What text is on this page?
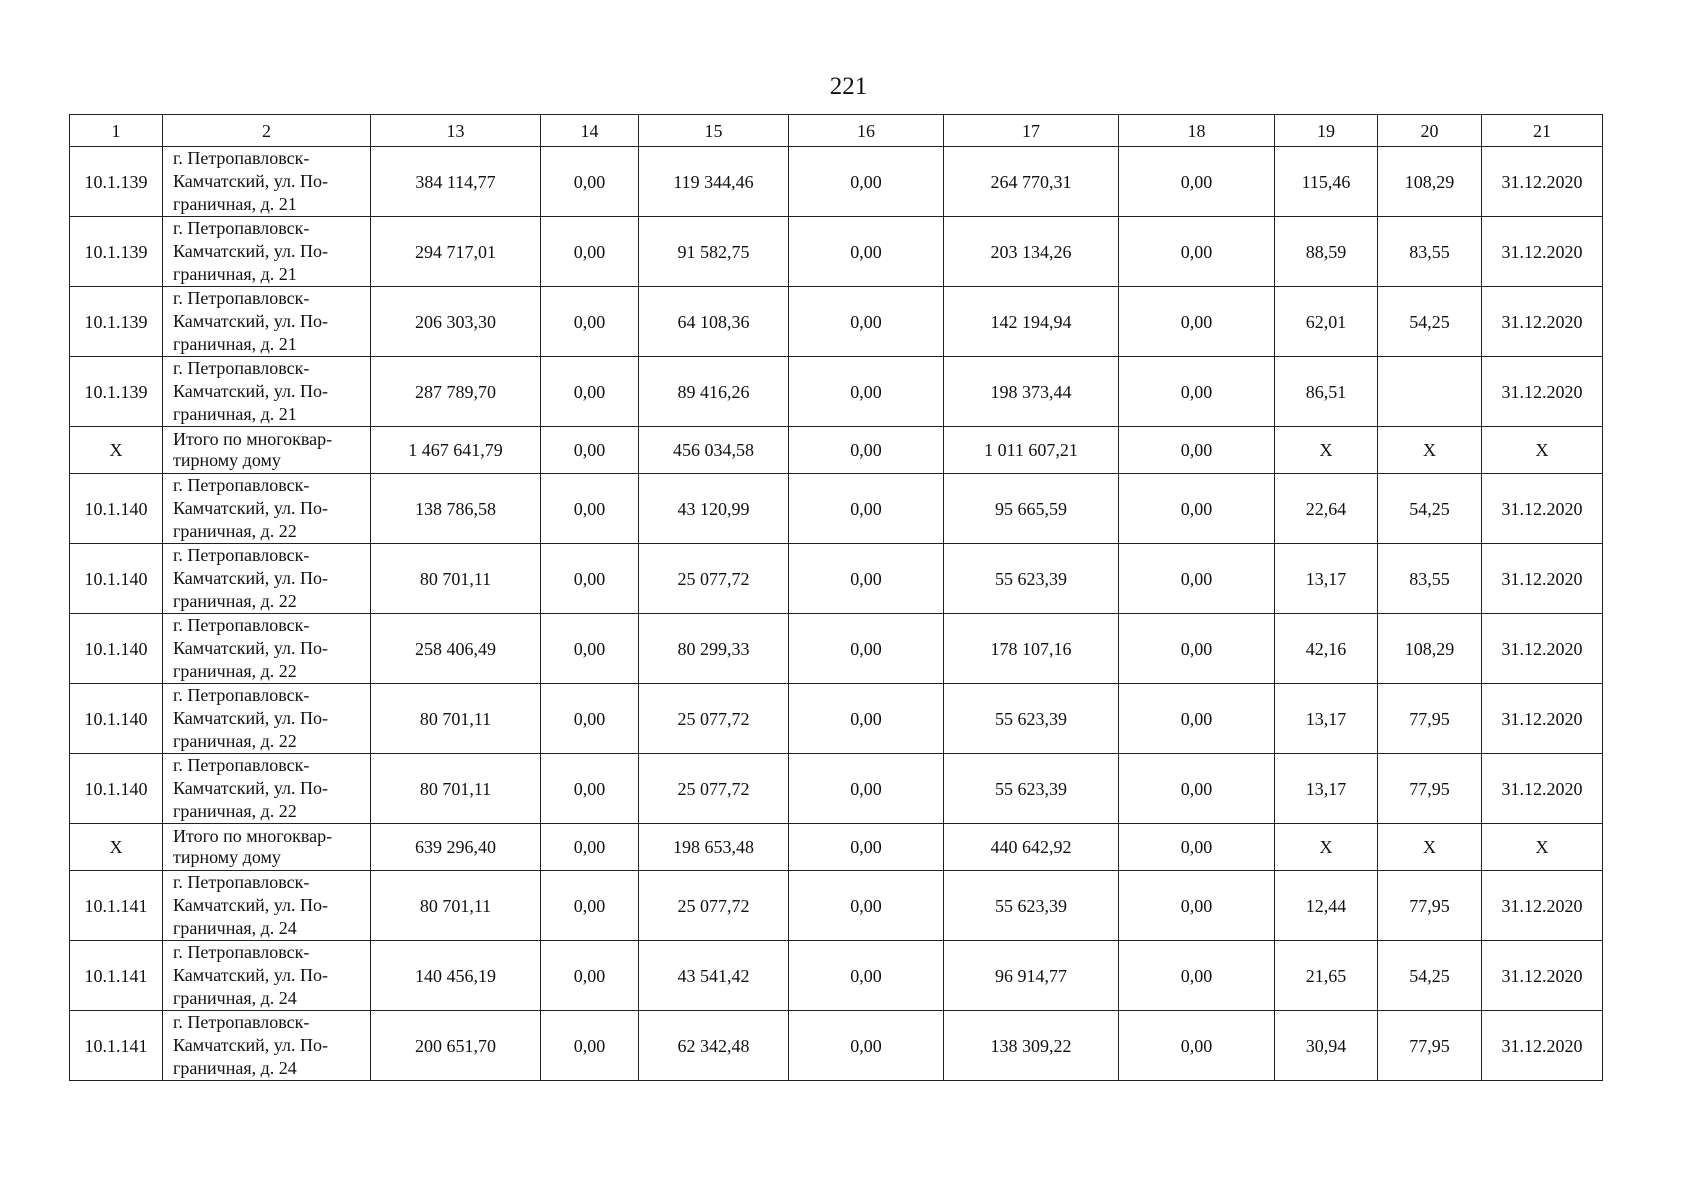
221
1	2	13	14	15	16	17	18	19	20	21
10.1.139	г. Петропавловск-
Камчатский, ул. По-
граничная, д. 21	384 114,77	0,00	119 344,46	0,00	264 770,31	0,00	115,46	108,29	31.12.2020
10.1.139	г. Петропавловск-
Камчатский, ул. По-
граничная, д. 21	294 717,01	0,00	91 582,75	0,00	203 134,26	0,00	88,59	83,55	31.12.2020
10.1.139	г. Петропавловск-
Камчатский, ул. По-
граничная, д. 21	206 303,30	0,00	64 108,36	0,00	142 194,94	0,00	62,01	54,25	31.12.2020
10.1.139	г. Петропавловск-
Камчатский, ул. По-
граничная, д. 21	287 789,70	0,00	89 416,26	0,00	198 373,44	0,00	86,51		31.12.2020
X	Итого по многоквар-
тирному дому	1 467 641,79	0,00	456 034,58	0,00	1 011 607,21	0,00	X	X	X
10.1.140	г. Петропавловск-
Камчатский, ул. По-
граничная, д. 22	138 786,58	0,00	43 120,99	0,00	95 665,59	0,00	22,64	54,25	31.12.2020
10.1.140	г. Петропавловск-
Камчатский, ул. По-
граничная, д. 22	80 701,11	0,00	25 077,72	0,00	55 623,39	0,00	13,17	83,55	31.12.2020
10.1.140	г. Петропавловск-
Камчатский, ул. По-
граничная, д. 22	258 406,49	0,00	80 299,33	0,00	178 107,16	0,00	42,16	108,29	31.12.2020
10.1.140	г. Петропавловск-
Камчатский, ул. По-
граничная, д. 22	80 701,11	0,00	25 077,72	0,00	55 623,39	0,00	13,17	77,95	31.12.2020
10.1.140	г. Петропавловск-
Камчатский, ул. По-
граничная, д. 22	80 701,11	0,00	25 077,72	0,00	55 623,39	0,00	13,17	77,95	31.12.2020
X	Итого по многоквар-
тирному дому	639 296,40	0,00	198 653,48	0,00	440 642,92	0,00	X	X	X
10.1.141	г. Петропавловск-
Камчатский, ул. По-
граничная, д. 24	80 701,11	0,00	25 077,72	0,00	55 623,39	0,00	12,44	77,95	31.12.2020
10.1.141	г. Петропавловск-
Камчатский, ул. По-
граничная, д. 24	140 456,19	0,00	43 541,42	0,00	96 914,77	0,00	21,65	54,25	31.12.2020
10.1.141	г. Петропавловск-
Камчатский, ул. По-
граничная, д. 24	200 651,70	0,00	62 342,48	0,00	138 309,22	0,00	30,94	77,95	31.12.2020
